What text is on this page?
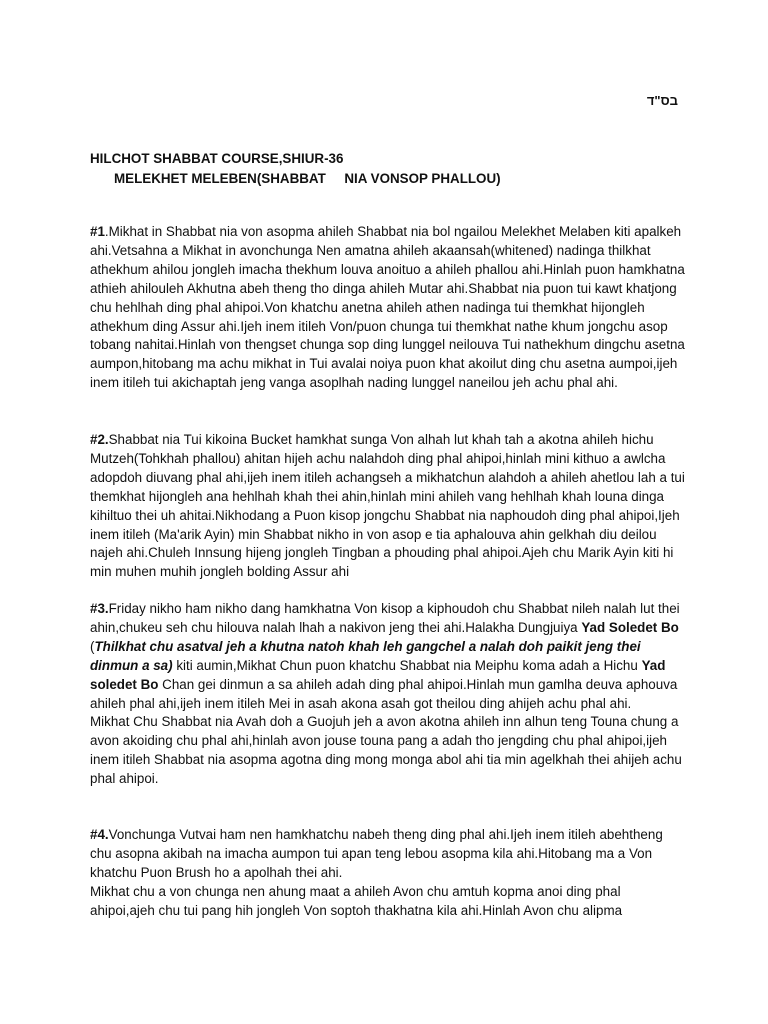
בס"ד
HILCHOT SHABBAT COURSE,SHIUR-36
MELEKHET MELEBEN(SHABBAT     NIA VONSOP PHALLOU)

#1.Mikhat in Shabbat nia von asopma ahileh Shabbat nia bol ngailou Melekhet Melaben kiti apalkeh ahi.Vetsahna a Mikhat in avonchunga Nen amatna ahileh akaansah(whitened) nadinga thilkhat athekhum ahilou jongleh imacha thekhum louva anoituo a ahileh phallou ahi.Hinlah puon hamkhatna athieh ahilouleh Akhutna abeh theng tho dinga ahileh Mutar ahi.Shabbat nia puon tui kawt khatjong chu hehlhah ding phal ahipoi.Von khatchu anetna ahileh athen nadinga tui themkhat hijongleh athekhum ding Assur ahi.Ijeh inem itileh Von/puon chunga tui themkhat nathe khum jongchu asop tobang nahitai.Hinlah von thengset chunga sop ding lunggel neilouva Tui nathekhum dingchu asetna aumpon,hitobang ma achu mikhat in Tui avalai noiya puon khat akoilut ding chu asetna aumpoi,ijeh inem itileh tui akichaptah jeng vanga asoplhah nading lunggel naneilou jeh achu phal ahi.

#2.Shabbat nia Tui kikoina Bucket hamkhat sunga Von alhah lut khah tah a akotna ahileh hichu Mutzeh(Tohkhah phallou) ahitan hijeh achu nalahdoh ding phal ahipoi,hinlah mini kithuo a awlcha adopdoh diuvang phal ahi,ijeh inem itileh achangseh a mikhatchun alahdoh a ahileh ahetlou lah a tui themkhat hijongleh ana hehlhah khah thei ahin,hinlah mini ahileh vang hehlhah khah louna dinga kihiltuo thei uh ahitai.Nikhodang a Puon kisop jongchu Shabbat nia naphoudoh ding phal ahipoi,Ijeh inem itileh (Ma'arik Ayin) min Shabbat nikho in von asop e tia aphalouva ahin gelkhah diu deilou najeh ahi.Chuleh Innsung hijeng jongleh Tingban a phouding phal ahipoi.Ajeh chu Marik Ayin kiti hi min muhen muhih jongleh bolding Assur ahi

#3.Friday nikho ham nikho dang hamkhatna Von kisop a kiphoudoh chu Shabbat nileh nalah lut thei ahin,chukeu seh chu hilouva nalah lhah a nakivon jeng thei ahi.Halakha Dungjuiya Yad Soledet Bo (Thilkhat chu asatval jeh a khutna natoh khah leh gangchel a nalah doh paikit jeng thei dinmun a sa) kiti aumin,Mikhat Chun puon khatchu Shabbat nia Meiphu koma adah a Hichu Yad soledet Bo Chan gei dinmun a sa ahileh adah ding phal ahipoi.Hinlah mun gamlha deuva aphouva ahileh phal ahi,ijeh inem itileh Mei in asah akona asah got theilou ding ahijeh achu phal ahi.

Mikhat Chu Shabbat nia Avah doh a Guojuh jeh a avon akotna ahileh inn alhun teng Touna chung a avon akoiding chu phal ahi,hinlah avon jouse touna pang a adah tho jengding chu phal ahipoi,ijeh inem itileh Shabbat nia asopma agotna ding mong monga abol ahi tia min agelkhah thei ahijeh achu phal ahipoi.

#4.Vonchunga Vutvai ham nen hamkhatchu nabeh theng ding phal ahi.Ijeh inem itileh abehtheng chu asopna akibah na imacha aumpon tui apan teng lebou asopma kila ahi.Hitobang ma a Von khatchu Puon Brush ho a apolhah thei ahi.

Mikhat chu a von chunga nen ahung maat a ahileh Avon chu amtuh kopma anoi ding phal ahipoi,ajeh chu tui pang hih jongleh Von soptoh thakhatna kila ahi.Hinlah Avon chu alipma
